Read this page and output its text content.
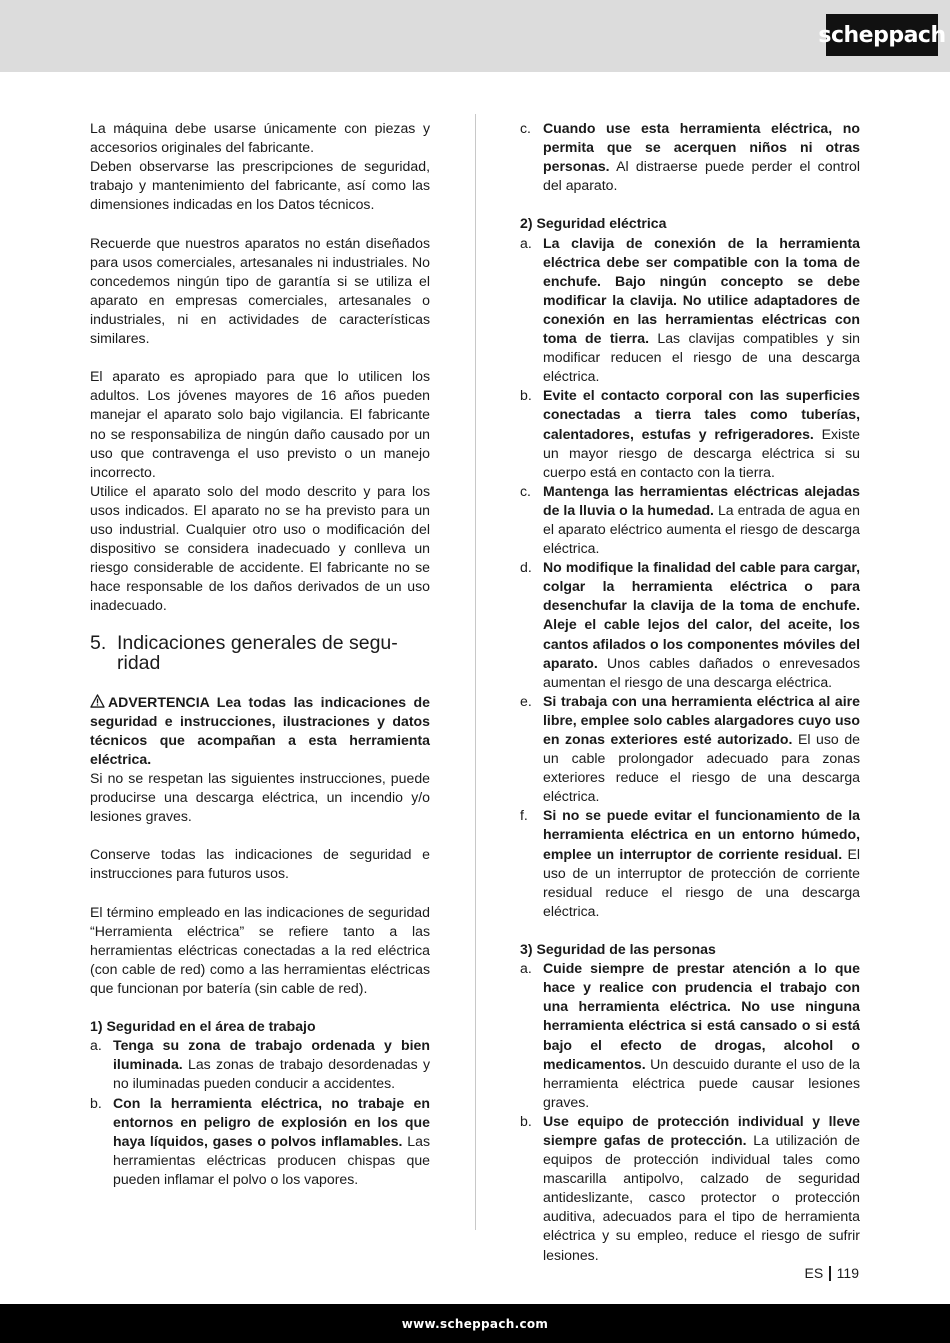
scheppach

La máquina debe usarse únicamente con piezas y accesorios originales del fabricante.

Deben observarse las prescripciones de seguridad, trabajo y mantenimiento del fabricante, así como las dimensiones indicadas en los Datos técnicos.

Recuerde que nuestros aparatos no están diseñados para usos comerciales, artesanales ni industriales. No concedemos ningún tipo de garantía si se utiliza el aparato en empresas comerciales, artesanales o industriales, ni en actividades de características similares.

El aparato es apropiado para que lo utilicen los adultos. Los jóvenes mayores de 16 años pueden manejar el aparato solo bajo vigilancia. El fabricante no se responsabiliza de ningún daño causado por un uso que contravenga el uso previsto o un manejo incorrecto.

Utilice el aparato solo del modo descrito y para los usos indicados. El aparato no se ha previsto para un uso industrial. Cualquier otro uso o modificación del dispositivo se considera inadecuado y conlleva un riesgo considerable de accidente. El fabricante no se hace responsable de los daños derivados de un uso inadecuado.

5. Indicaciones generales de segu-
ridad

ADVERTENCIA Lea todas las indicaciones de seguridad e instrucciones, ilustraciones y datos técnicos que acompañan a esta herramienta eléctrica.

Si no se respetan las siguientes instrucciones, puede producirse una descarga eléctrica, un incendio y/o lesiones graves.

Conserve todas las indicaciones de seguridad e instrucciones para futuros usos.

El término empleado en las indicaciones de seguridad “Herramienta eléctrica” se refiere tanto a las herramientas eléctricas conectadas a la red eléctrica (con cable de red) como a las herramientas eléctricas que funcionan por batería (sin cable de red).

1) Seguridad en el área de trabajo

a. Tenga su zona de trabajo ordenada y bien iluminada. Las zonas de trabajo desordenadas y no iluminadas pueden conducir a accidentes.
b. Con la herramienta eléctrica, no trabaje en entornos en peligro de explosión en los que haya líquidos, gases o polvos inflamables. Las herramientas eléctricas producen chispas que pueden inflamar el polvo o los vapores.
c. Cuando use esta herramienta eléctrica, no permita que se acerquen niños ni otras personas. Al distraerse puede perder el control del aparato.

2) Seguridad eléctrica

a. La clavija de conexión de la herramienta eléctrica debe ser compatible con la toma de enchufe. Bajo ningún concepto se debe modificar la clavija. No utilice adaptadores de conexión en las herramientas eléctricas con toma de tierra. Las clavijas compatibles y sin modificar reducen el riesgo de una descarga eléctrica.
b. Evite el contacto corporal con las superficies conectadas a tierra tales como tuberías, calentadores, estufas y refrigeradores. Existe un mayor riesgo de descarga eléctrica si su cuerpo está en contacto con la tierra.
c. Mantenga las herramientas eléctricas alejadas de la lluvia o la humedad. La entrada de agua en el aparato eléctrico aumenta el riesgo de descarga eléctrica.
d. No modifique la finalidad del cable para cargar, colgar la herramienta eléctrica o para desenchufar la clavija de la toma de enchufe. Aleje el cable lejos del calor, del aceite, los cantos afilados o los componentes móviles del aparato. Unos cables dañados o enrevesados aumentan el riesgo de una descarga eléctrica.
e. Si trabaja con una herramienta eléctrica al aire libre, emplee solo cables alargadores cuyo uso en zonas exteriores esté autorizado. El uso de un cable prolongador adecuado para zonas exteriores reduce el riesgo de una descarga eléctrica.
f.	Si no se puede evitar el funcionamiento de la herramienta eléctrica en un entorno húmedo, emplee un interruptor de corriente residual. El uso de un interruptor de protección de corriente residual reduce el riesgo de una descarga eléctrica.

3) Seguridad de las personas

a. Cuide siempre de prestar atención a lo que hace y realice con prudencia el trabajo con una herramienta eléctrica. No use ninguna herramienta eléctrica si está cansado o si está bajo el efecto de drogas, alcohol o medicamentos. Un descuido durante el uso de la herramienta eléctrica puede causar lesiones graves.
b. Use equipo de protección individual y lleve siempre gafas de protección. La utilización de equipos de protección individual tales como mascarilla antipolvo, calzado de seguridad antideslizante, casco protector o protección auditiva, adecuados para el tipo de herramienta eléctrica y su empleo, reduce el riesgo de sufrir lesiones.
ES 119
www.scheppach.com
